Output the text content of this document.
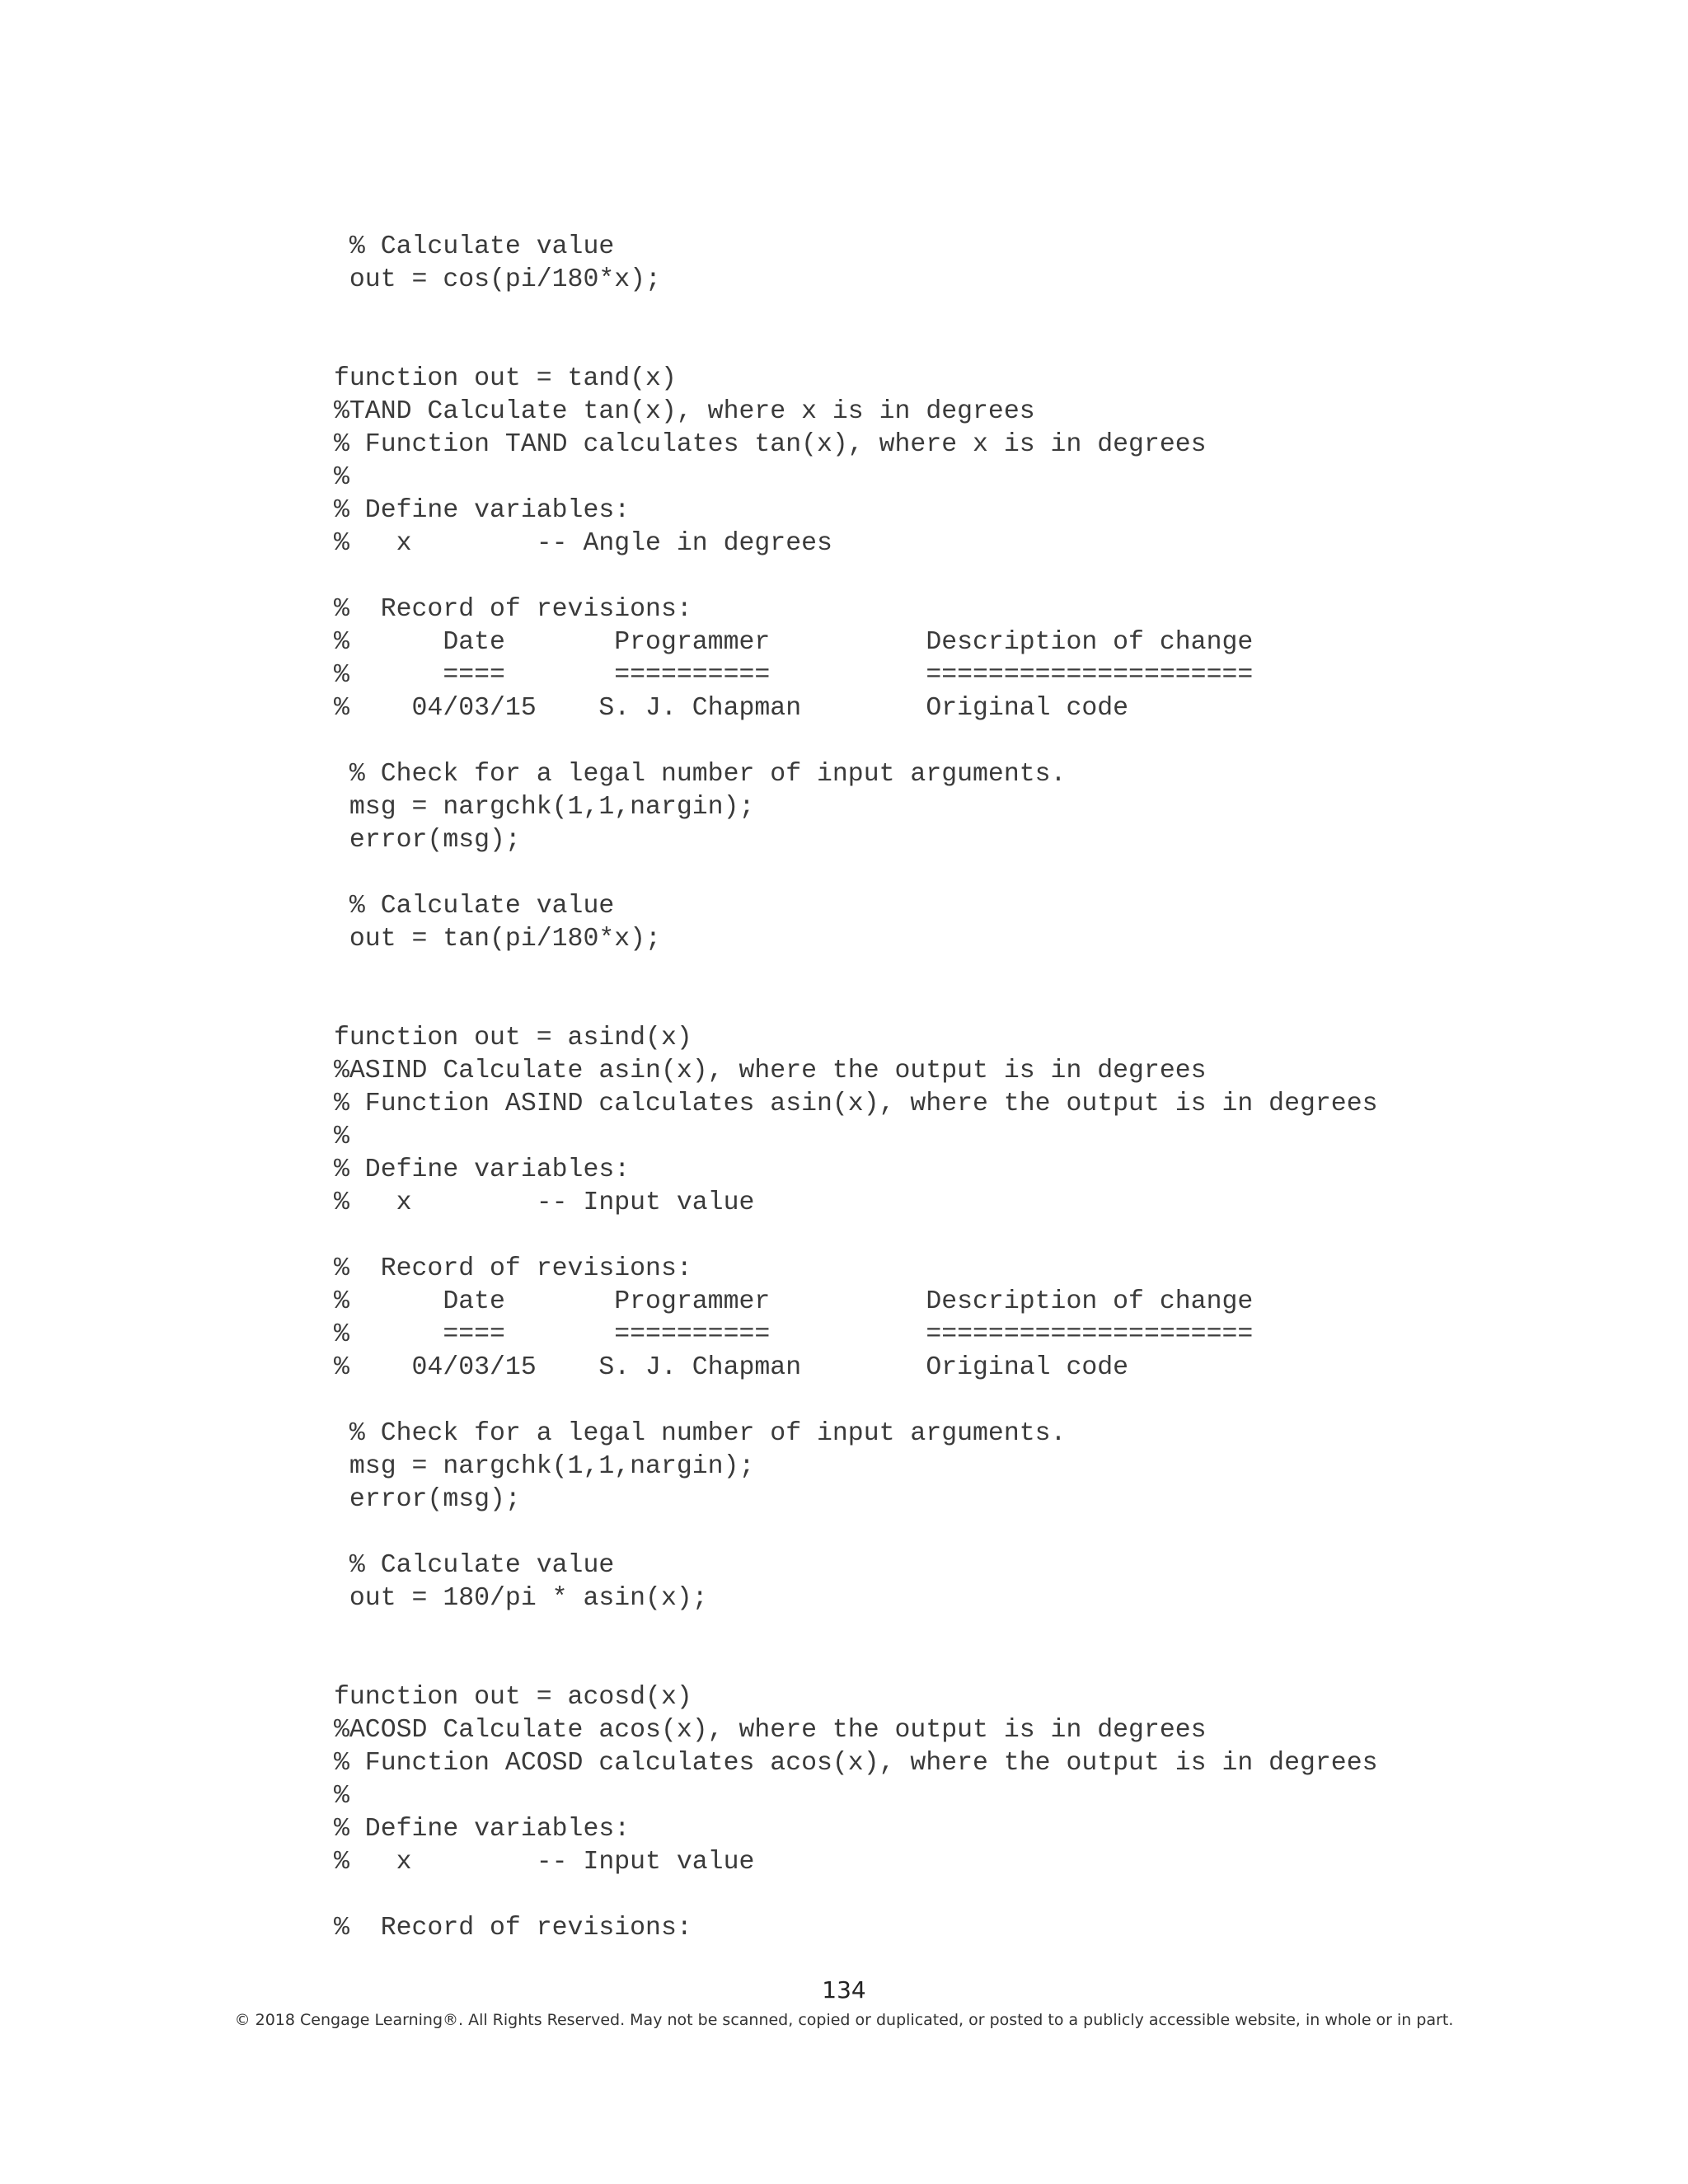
% Calculate value
out = cos(pi/180*x);
function out = tand(x)
%TAND Calculate tan(x), where x is in degrees
% Function TAND calculates tan(x), where x is in degrees
%
% Define variables:
%   x        -- Angle in degrees
%  Record of revisions:
%      Date       Programmer          Description of change
%      ====       ==========          =====================
%    04/03/15    S. J. Chapman        Original code
% Check for a legal number of input arguments.
msg = nargchk(1,1,nargin);
error(msg);
% Calculate value
out = tan(pi/180*x);
function out = asind(x)
%ASIND Calculate asin(x), where the output is in degrees
% Function ASIND calculates asin(x), where the output is in degrees
%
% Define variables:
%   x        -- Input value
%  Record of revisions:
%      Date       Programmer          Description of change
%      ====       ==========          =====================
%    04/03/15    S. J. Chapman        Original code
% Check for a legal number of input arguments.
msg = nargchk(1,1,nargin);
error(msg);
% Calculate value
out = 180/pi * asin(x);
function out = acosd(x)
%ACOSD Calculate acos(x), where the output is in degrees
% Function ACOSD calculates acos(x), where the output is in degrees
%
% Define variables:
%   x        -- Input value
%  Record of revisions:
134
© 2018 Cengage Learning®. All Rights Reserved. May not be scanned, copied or duplicated, or posted to a publicly accessible website, in whole or in part.
